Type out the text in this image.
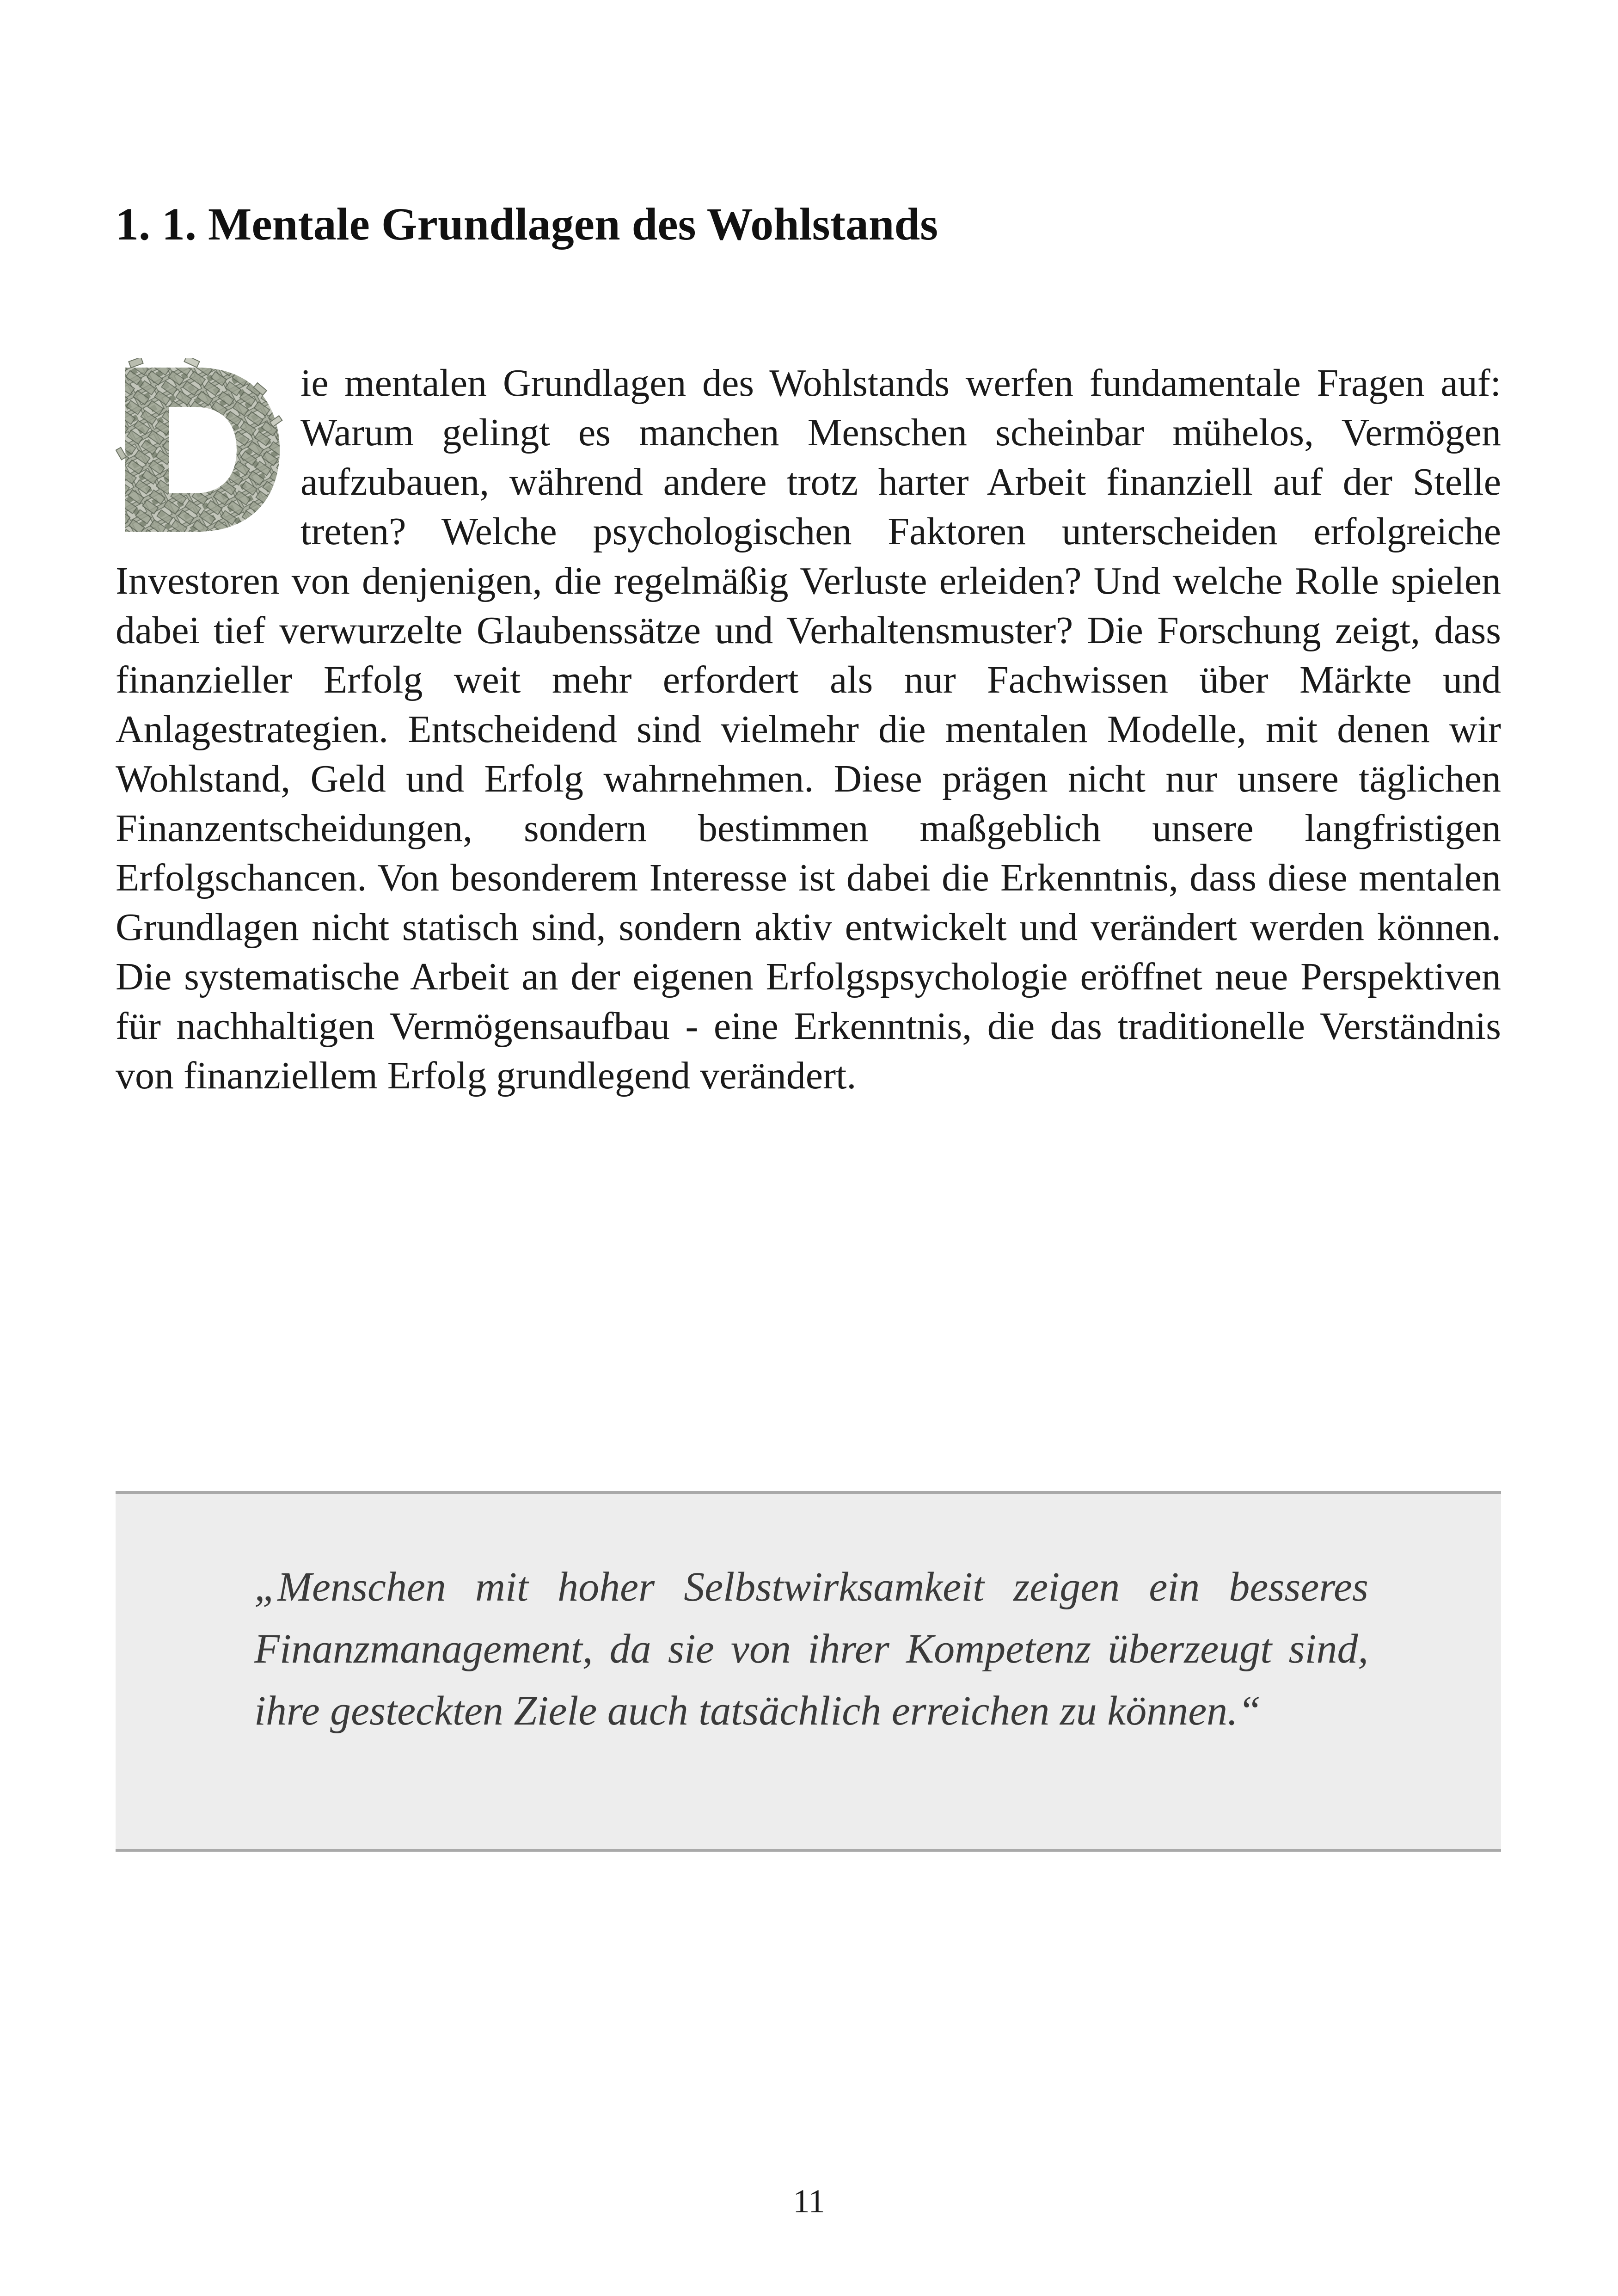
1. 1. Mentale Grundlagen des Wohlstands

ie mentalen Grundlagen des Wohlstands werfen fundamentale Fragen auf: Warum gelingt es manchen Menschen scheinbar mühelos, Vermögen aufzubauen, während andere trotz harter Arbeit finanziell auf der Stelle treten? Welche psychologischen Faktoren unterscheiden erfolgreiche Investoren von denjenigen, die regelmäßig Verluste erleiden? Und welche Rolle spielen dabei tief verwurzelte Glaubenssätze und Verhaltensmuster? Die Forschung zeigt, dass finanzieller Erfolg weit mehr erfordert als nur Fachwissen über Märkte und Anlagestrategien. Entscheidend sind vielmehr die mentalen Modelle, mit denen wir Wohlstand, Geld und Erfolg wahrnehmen. Diese prägen nicht nur unsere täglichen Finanzentscheidungen, sondern bestimmen maßgeblich unsere langfristigen Erfolgschancen. Von besonderem Interesse ist dabei die Erkenntnis, dass diese mentalen Grundlagen nicht statisch sind, sondern aktiv entwickelt und verändert werden können. Die systematische Arbeit an der eigenen Erfolgspsychologie eröffnet neue Perspektiven für nachhaltigen Vermögensaufbau - eine Erkenntnis, die das traditionelle Verständnis von finanziellem Erfolg grundlegend verändert.

„Menschen mit hoher Selbstwirksamkeit zeigen ein besseres Finanzmanagement, da sie von ihrer Kompetenz überzeugt sind, ihre gesteckten Ziele auch tatsächlich erreichen zu können.“

11
